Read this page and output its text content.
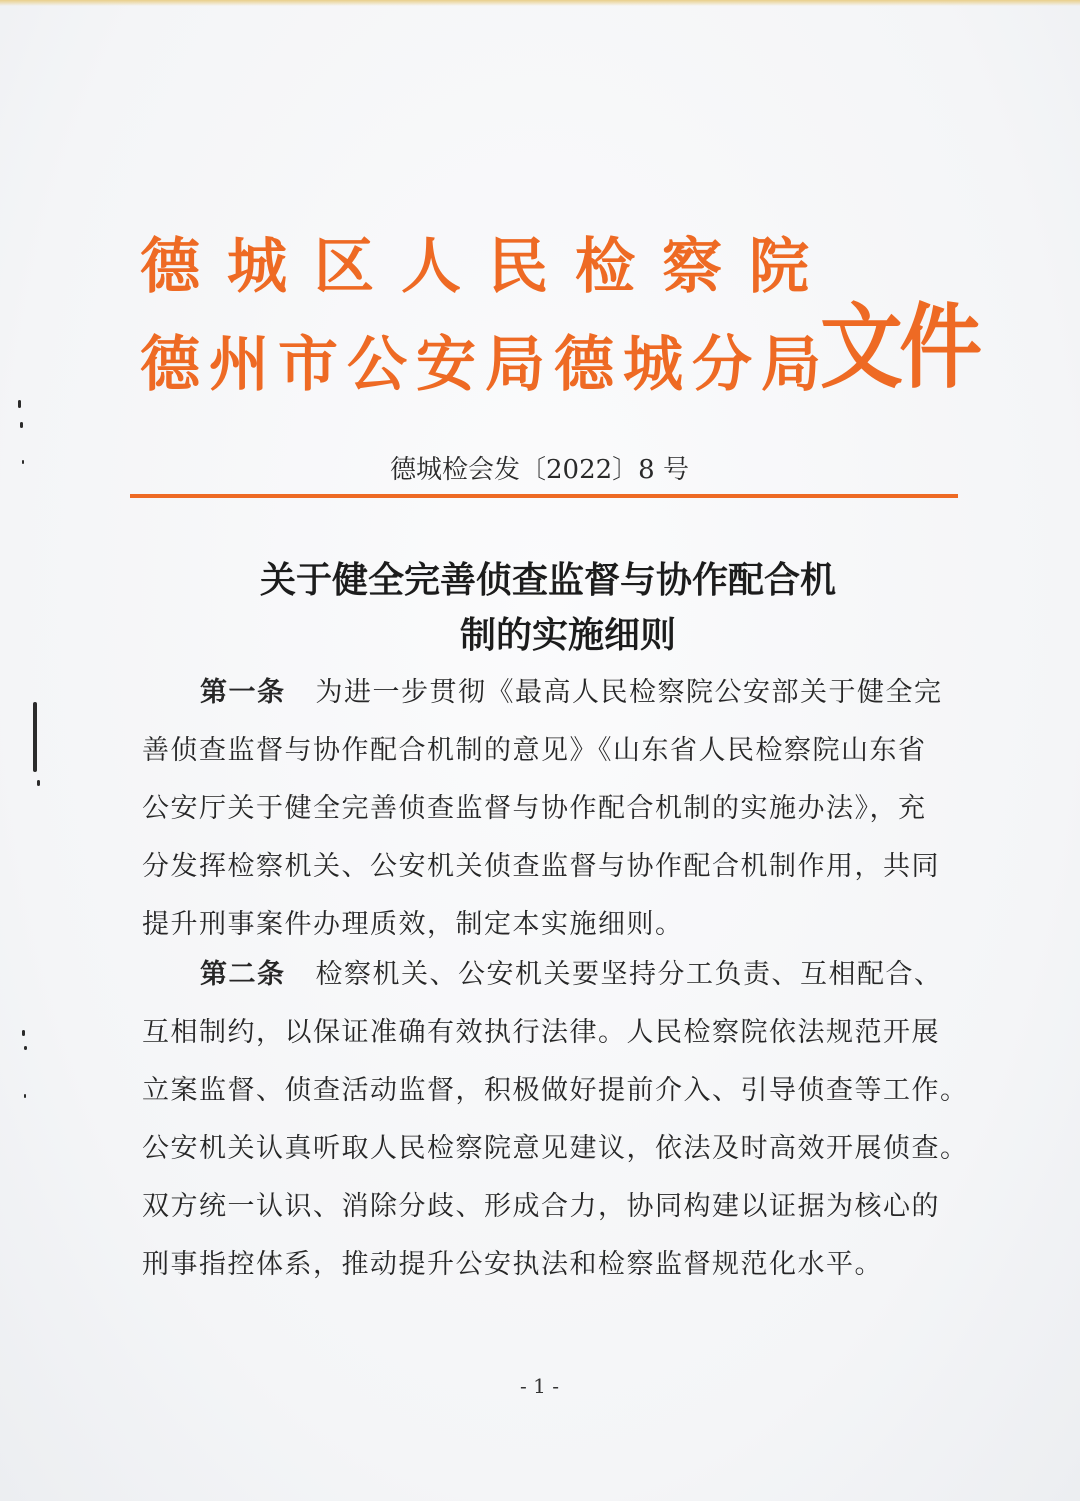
德城区人民检察院
德州市公安局德城分局
文件
德城检会发〔2022〕8 号
关于健全完善侦查监督与协作配合机
制的实施细则
第一条 为进一步贯彻《最高人民检察院公安部关于健全完
善侦查监督与协作配合机制的意见》《山东省人民检察院山东省
公安厅关于健全完善侦查监督与协作配合机制的实施办法》，充
分发挥检察机关、公安机关侦查监督与协作配合机制作用，共同
提升刑事案件办理质效，制定本实施细则。
第二条 检察机关、公安机关要坚持分工负责、互相配合、
互相制约，以保证准确有效执行法律。人民检察院依法规范开展
立案监督、侦查活动监督，积极做好提前介入、引导侦查等工作。
公安机关认真听取人民检察院意见建议，依法及时高效开展侦查。
双方统一认识、消除分歧、形成合力，协同构建以证据为核心的
刑事指控体系，推动提升公安执法和检察监督规范化水平。
- 1 -
